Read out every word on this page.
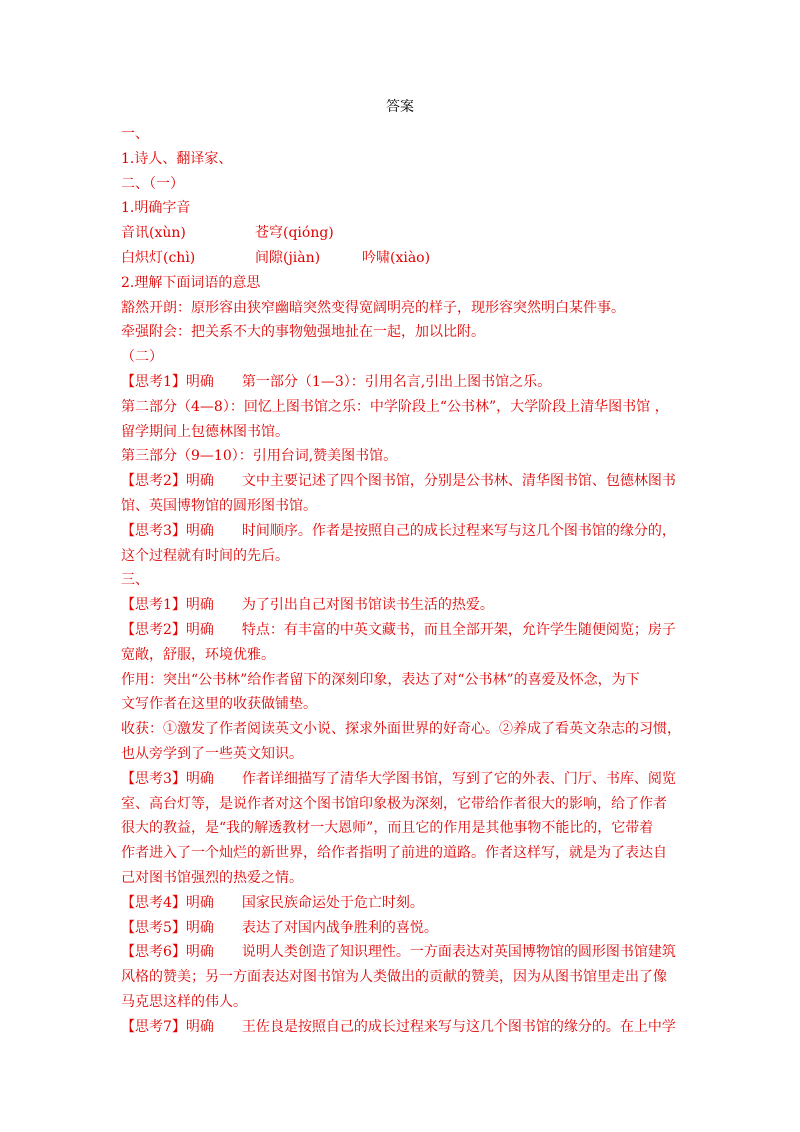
答案

一、

1.诗人、翻译家、

二、（一）

1.明确字音

音讯(xùn)	苍穹(qióng)

白炽灯(chì)	间隙(jiàn)	吟啸(xiào)

2.理解下面词语的意思

豁然开朗：原形容由狭窄幽暗突然变得宽阔明亮的样子，现形容突然明白某件事。

牵强附会：把关系不大的事物勉强地扯在一起，加以比附。

（二）

【思考1】明确 第一部分（1—3）：引用名言,引出上图书馆之乐。

第二部分（4—8）：回忆上图书馆之乐：中学阶段上“公书林”，大学阶段上清华图书馆 ，

留学期间上包德林图书馆。

第三部分（9—10）：引用台词,赞美图书馆。

【思考2】明确 文中主要记述了四个图书馆，分别是公书林、清华图书馆、包德林图书

馆、英国博物馆的圆形图书馆。

【思考3】明确 时间顺序。作者是按照自己的成长过程来写与这几个图书馆的缘分的，

这个过程就有时间的先后。

三、

【思考1】明确 为了引出自己对图书馆读书生活的热爱。

【思考2】明确 特点：有丰富的中英文藏书，而且全部开架，允许学生随便阅览；房子

宽敞，舒服，环境优雅。

作用：突出“公书林”给作者留下的深刻印象，表达了对“公书林”的喜爱及怀念，为下

文写作者在这里的收获做铺垫。

收获：①激发了作者阅读英文小说、探求外面世界的好奇心。②养成了看英文杂志的习惯，

也从旁学到了一些英文知识。

【思考3】明确 作者详细描写了清华大学图书馆，写到了它的外表、门厅、书库、阅览

室、高台灯等，是说作者对这个图书馆印象极为深刻，它带给作者很大的影响，给了作者

很大的教益，是“我的解透教材一大恩师”，而且它的作用是其他事物不能比的，它带着

作者进入了一个灿烂的新世界，给作者指明了前进的道路。作者这样写，就是为了表达自

己对图书馆强烈的热爱之情。

【思考4】明确 国家民族命运处于危亡时刻。

【思考5】明确 表达了对国内战争胜利的喜悦。

【思考6】明确 说明人类创造了知识理性。一方面表达对英国博物馆的圆形图书馆建筑

风格的赞美；另一方面表达对图书馆为人类做出的贡献的赞美，因为从图书馆里走出了像

马克思这样的伟人。

【思考7】明确 王佐良是按照自己的成长过程来写与这几个图书馆的缘分的。在上中学
